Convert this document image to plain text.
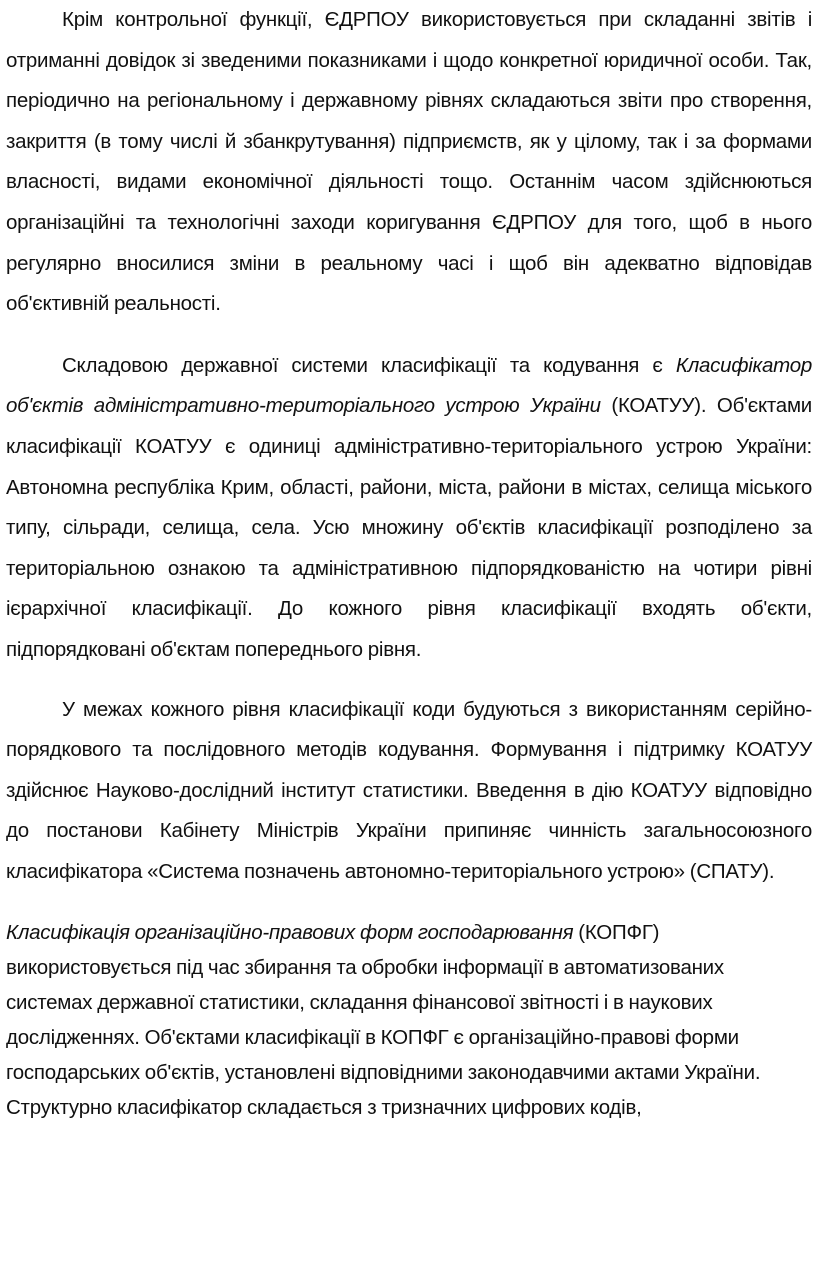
Крім контрольної функції, ЄДРПОУ використовується при складанні звітів і отриманні довідок зі зведеними показниками і щодо конкретної юридичної особи. Так, періодично на регіональному і державному рівнях складаються звіти про створення, закриття (в тому числі й збанкрутування) підприємств, як у цілому, так і за формами власності, видами економічної діяльності тощо. Останнім часом здійснюються організаційні та технологічні заходи коригування ЄДРПОУ для того, щоб в нього регулярно вносилися зміни в реальному часі і щоб він адекватно відповідав об'єктивній реальності.

Складовою державної системи класифікації та кодування є Класифікатор об'єктів адміністративно-територіального устрою України (КОАТУУ). Об'єктами класифікації КОАТУУ є одиниці адміністративно-територіального устрою України: Автономна республіка Крим, області, райони, міста, райони в містах, селища міського типу, сільради, селища, села. Усю множину об'єктів класифікації розподілено за територіальною ознакою та адміністративною підпорядкованістю на чотири рівні ієрархічної класифікації. До кожного рівня класифікації входять об'єкти, підпорядковані об'єктам попереднього рівня.

У межах кожного рівня класифікації коди будуються з використанням серійно-порядкового та послідовного методів кодування. Формування і підтримку КОАТУУ здійснює Науково-дослідний інститут статистики. Введення в дію КОАТУУ відповідно до постанови Кабінету Міністрів України припиняє чинність загальносоюзного класифікатора «Система позначень автономно-територіального устрою» (СПАТУ).

Класифікація організаційно-правових форм господарювання (КОПФГ) використовується під час збирання та обробки інформації в автоматизованих системах державної статистики, складання фінансової звітності і в наукових дослідженнях. Об'єктами класифікації в КОПФГ є організаційно-правові форми господарських об'єктів, установлені відповідними законодавчими актами України. Структурно класифікатор складається з тризначних цифрових кодів,
